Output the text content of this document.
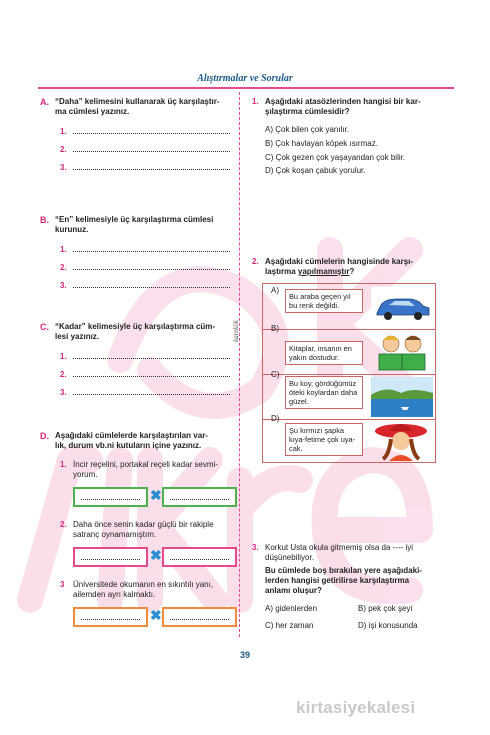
Alıştırmalar ve Sorular
karekök
A. “Daha” kelimesini kullanarak üç karşılaştır-
ma cümlesi yazınız.
1.
2.
3.
B. “En” kelimesiyle üç karşılaştırma cümlesi
kurunuz.
1.
2.
3.
C. “Kadar” kelimesiyle üç karşılaştırma cüm-
lesi yazınız.
1.
2.
3.
D. Aşağıdaki cümlelerde karşılaştırılan var-
lık, durum vb.ni kutuların içine yazınız.
1. İncir reçelini, portakal reçeli kadar sevmi-
yorum.
✖
2. Daha önce senin kadar güçlü bir rakiple
satranç oynamamıştım.
✖
3 Üniversitede okumanın en sıkıntılı yanı,
ailemden ayrı kalmaktı.
✖
1. Aşağıdaki atasözlerinden hangisi bir kar-
şılaştırma cümlesidir?
A) Çok bilen çok yanılır.
B) Çok havlayan köpek ısırmaz.
C) Çok gezen çok yaşayandan çok bilir.
D) Çok koşan çabuk yorulur.
2. Aşağıdaki cümlelerin hangisinde karşı-
laştırma yapılmamıştır?
A)
Bu araba geçen yıl
bu renk değildi.
B)
Kitaplar, insanın en
yakın dostudur.
C)
Bu koy, gördüğümüz
öteki koylardan daha
güzel.
D)
Şu kırmızı şapka
kıya-fetime çok uya-
cak.
3. Korkut Usta okula gitmemiş olsa da ---- iyi
düşünebiliyor.
Bu cümlede boş bırakılan yere aşağıdaki-
lerden hangisi getirilirse karşılaştırma
anlamı oluşur?
A) gidenlerden	B) pek çok şeyi
C) her zaman	D) işi konusunda
39
kirtasiyekalesi
